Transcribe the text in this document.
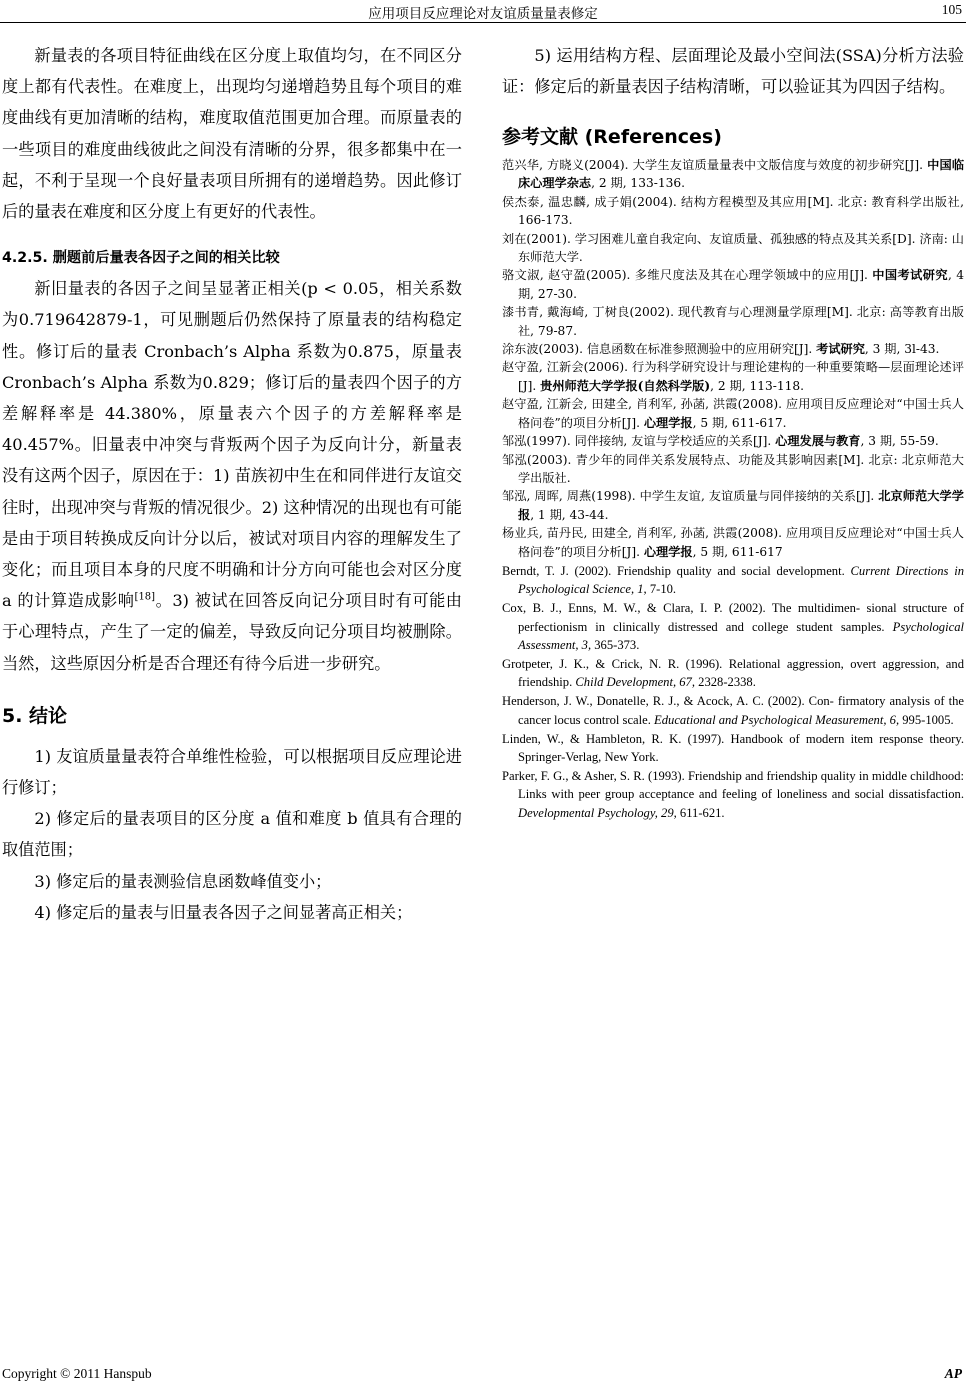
应用项目反应理论对友谊质量量表修定	105

新量表的各项目特征曲线在区分度上取值均匀，在不同区分度上都有代表性。在难度上，出现均匀递增趋势且每个项目的难度曲线有更加清晰的结构，难度取值范围更加合理。而原量表的一些项目的难度曲线彼此之间没有清晰的分界，很多都集中在一起，不利于呈现一个良好量表项目所拥有的递增趋势。因此修订后的量表在难度和区分度上有更好的代表性。

4.2.5. 删题前后量表各因子之间的相关比较

新旧量表的各因子之间呈显著正相关(p < 0.05，相关系数为0.719642879-1，可见删题后仍然保持了原量表的结构稳定性。修订后的量表 Cronbach’s Alpha 系数为0.875，原量表 Cronbach’s Alpha 系数为0.829；修订后的量表四个因子的方差解释率是 44.380%，原量表六个因子的方差解释率是 40.457%。旧量表中冲突与背叛两个因子为反向计分，新量表没有这两个因子，原因在于：1) 苗族初中生在和同伴进行友谊交往时，出现冲突与背叛的情况很少。2) 这种情况的出现也有可能是由于项目转换成反向计分以后，被试对项目内容的理解发生了变化；而且项目本身的尺度不明确和计分方向可能也会对区分度 a 的计算造成影响[18]。3) 被试在回答反向记分项目时有可能由于心理特点，产生了一定的偏差，导致反向记分项目均被删除。当然，这些原因分析是否合理还有待今后进一步研究。

5. 结论

1) 友谊质量量表符合单维性检验，可以根据项目反应理论进行修订；

2) 修定后的量表项目的区分度 a 值和难度 b 值具有合理的取值范围；

3) 修定后的量表测验信息函数峰值变小；

4) 修定后的量表与旧量表各因子之间显著高正相关；

5) 运用结构方程、层面理论及最小空间法(SSA)分析方法验证：修定后的新量表因子结构清晰，可以验证其为四因子结构。

参考文献 (References)

范兴华, 方晓义(2004). 大学生友谊质量量表中文版信度与效度的初步研究[J]. 中国临床心理学杂志, 2 期, 133-136.

侯杰泰, 温忠麟, 成子娟(2004). 结构方程模型及其应用[M]. 北京: 教育科学出版社, 166-173.

刘在(2001). 学习困难儿童自我定向、友谊质量、孤独感的特点及其关系[D]. 济南: 山东师范大学.

骆文淑, 赵守盈(2005). 多维尺度法及其在心理学领域中的应用[J]. 中国考试研究, 4 期, 27-30.

漆书青, 戴海崎, 丁树良(2002). 现代教育与心理测量学原理[M]. 北京: 高等教育出版社, 79-87.

涂东波(2003). 信息函数在标准参照测验中的应用研究[J]. 考试研究, 3 期, 3l-43.

赵守盈, 江新会(2006). 行为科学研究设计与理论建构的一种重要策略—层面理论述评[J]. 贵州师范大学学报(自然科学版), 2 期, 113-118.

赵守盈, 江新会, 田建全, 肖利军, 孙菡, 洪霞(2008). 应用项目反应理论对“中国士兵人格问卷”的项目分析[J]. 心理学报, 5 期, 611-617.

邹泓(1997). 同伴接纳, 友谊与学校适应的关系[J]. 心理发展与教育, 3 期, 55-59.

邹泓(2003). 青少年的同伴关系发展特点、功能及其影响因素[M]. 北京: 北京师范大学出版社.

邹泓, 周晖, 周燕(1998). 中学生友谊, 友谊质量与同伴接纳的关系[J]. 北京师范大学学报, 1 期, 43-44.

杨业兵, 苗丹民, 田建全, 肖利军, 孙菡, 洪霞(2008). 应用项目反应理论对“中国士兵人格问卷”的项目分析[J]. 心理学报, 5 期, 611-617

Berndt, T. J. (2002). Friendship quality and social development. Current Directions in Psychological Science, 1, 7-10.

Cox, B. J., Enns, M. W., & Clara, I. P. (2002). The multidimen- sional structure of perfectionism in clinically distressed and college student samples. Psychological Assessment, 3, 365-373.

Grotpeter, J. K., & Crick, N. R. (1996). Relational aggression, overt aggression, and friendship. Child Development, 67, 2328-2338.

Henderson, J. W., Donatelle, R. J., & Acock, A. C. (2002). Con- firmatory analysis of the cancer locus control scale. Educational and Psychological Measurement, 6, 995-1005.

Linden, W., & Hambleton, R. K. (1997). Handbook of modern item response theory. Springer-Verlag, New York.

Parker, F. G., & Asher, S. R. (1993). Friendship and friendship quality in middle childhood: Links with peer group acceptance and feeling of loneliness and social dissatisfaction. Developmental Psychology, 29, 611-621.

Copyright © 2011 Hanspub	AP
